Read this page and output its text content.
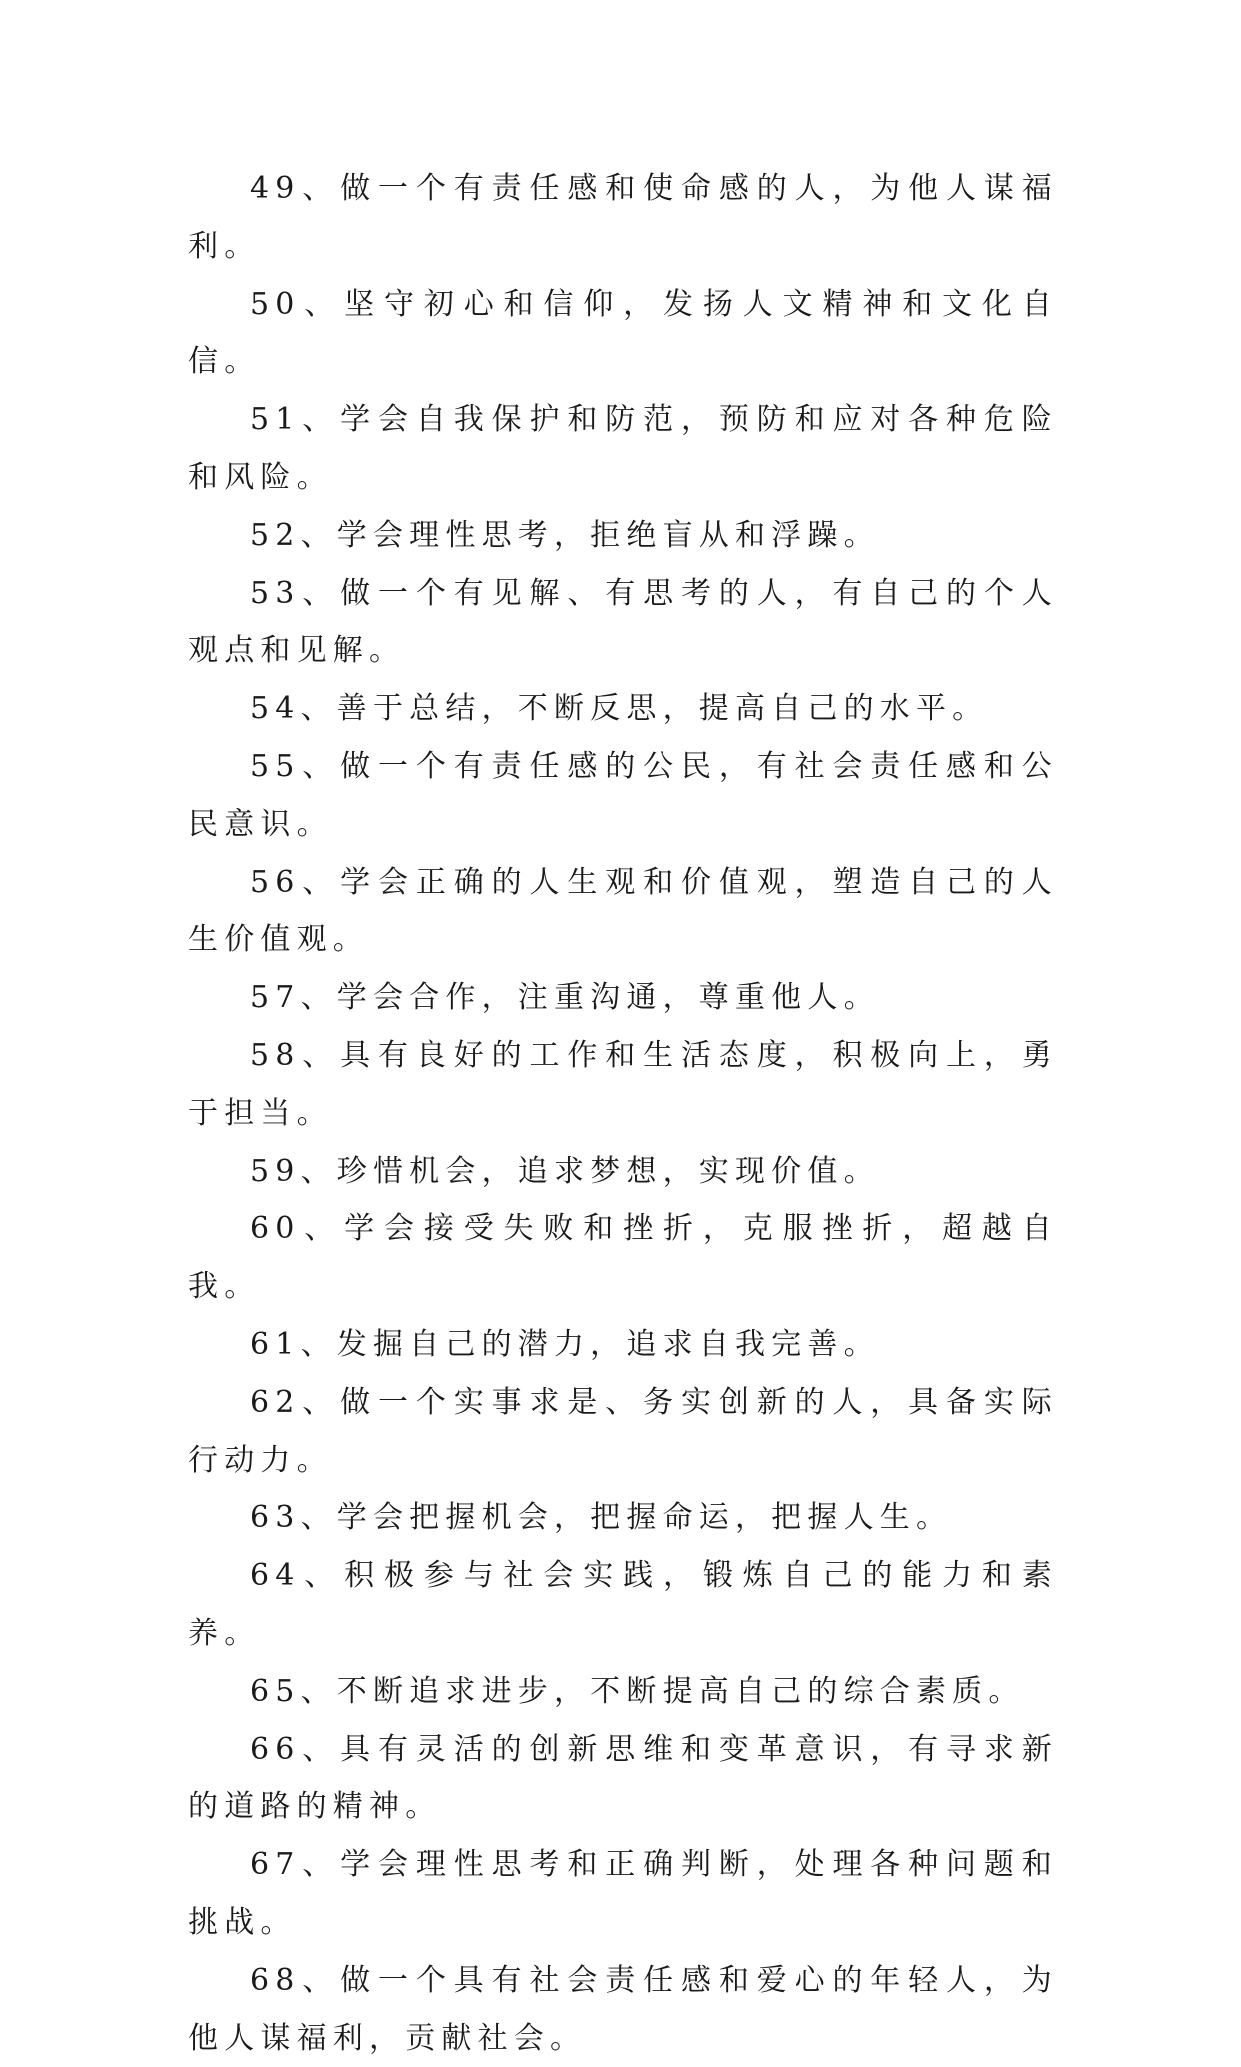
49、做一个有责任感和使命感的人，为他人谋福利。

50、坚守初心和信仰，发扬人文精神和文化自信。

51、学会自我保护和防范，预防和应对各种危险和风险。

52、学会理性思考，拒绝盲从和浮躁。

53、做一个有见解、有思考的人，有自己的个人观点和见解。

54、善于总结，不断反思，提高自己的水平。

55、做一个有责任感的公民，有社会责任感和公民意识。

56、学会正确的人生观和价值观，塑造自己的人生价值观。

57、学会合作，注重沟通，尊重他人。

58、具有良好的工作和生活态度，积极向上，勇于担当。

59、珍惜机会，追求梦想，实现价值。

60、学会接受失败和挫折，克服挫折，超越自我。

61、发掘自己的潜力，追求自我完善。

62、做一个实事求是、务实创新的人，具备实际行动力。

63、学会把握机会，把握命运，把握人生。

64、积极参与社会实践，锻炼自己的能力和素养。

65、不断追求进步，不断提高自己的综合素质。

66、具有灵活的创新思维和变革意识，有寻求新的道路的精神。

67、学会理性思考和正确判断，处理各种问题和挑战。

68、做一个具有社会责任感和爱心的年轻人，为他人谋福利，贡献社会。
